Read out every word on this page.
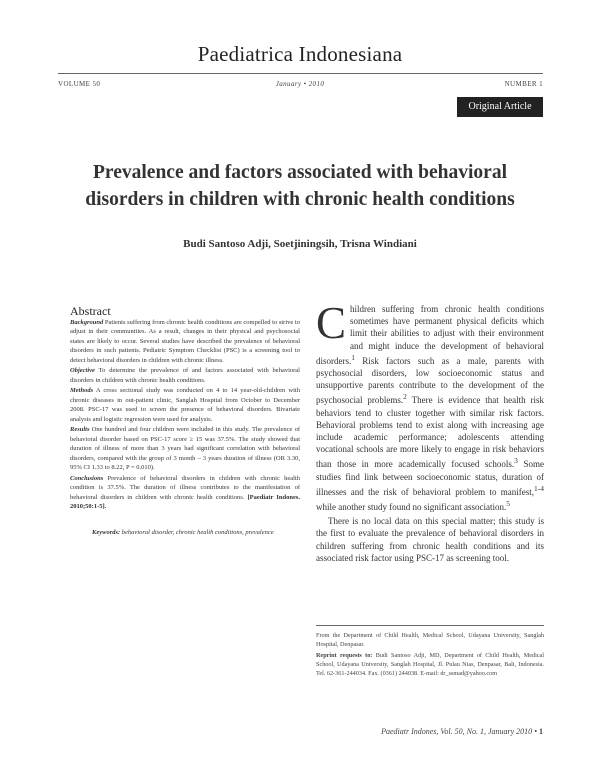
Paediatrica Indonesiana
VOLUME 50	January • 2010	NUMBER 1
Original Article
Prevalence and factors associated with behavioral disorders in children with chronic health conditions
Budi Santoso Adji, Soetjiningsih, Trisna Windiani
Abstract

Background Patients suffering from chronic health conditions are compelled to strive to adjust in their communities. As a result, changes in their physical and psychosocial states are likely to occur. Several studies have described the prevalence of behavioral disorders in such patients. Pediatric Symptom Checklist (PSC) is a screening tool to detect behavioral disorders in children with chronic illness.

Objective To determine the prevalence of and factors associated with behavioral disorders in children with chronic health conditions.

Methods A cross sectional study was conducted on 4 to 14 year-old-children with chronic diseases in out-patient clinic, Sanglah Hospital from October to December 2008. PSC-17 was used to screen the presence of behavioral disorders. Bivariate analysis and logistic regression were used for analysis.

Results One hundred and four children were included in this study. The prevalence of behavioral disorder based on PSC-17 score ≥ 15 was 37.5%. The study showed that duration of illness of more than 3 years had significant correlation with behavioral disorders, compared with the group of 3 month – 3 years duration of illness (OR 3.30, 95% CI 1.33 to 8.22, P = 0.010).

Conclusions Prevalence of behavioral disorders in children with chronic health condition is 37.5%. The duration of illness contributes to the manifestation of behavioral disorders in children with chronic health conditions. [Paediatr Indones. 2010;50:1-5].

Keywords: behavioral disorder, chronic health conditions, prevalence

Children suffering from chronic health conditions sometimes have permanent physical deficits which limit their abilities to adjust with their environment and might induce the development of behavioral disorders.$^1$ Risk factors such as a male, parents with psychosocial disorders, low socioeconomic status and unsupportive parents contribute to the development of the psychosocial problems.$^2$ There is evidence that health risk behaviors tend to cluster together with similar risk factors. Behavioral problems tend to exist along with increasing age include academic performance; adolescents attending vocational schools are more likely to engage in risk behaviors than those in more academically focused schools.$^3$ Some studies find link between socioeconomic status, duration of illnesses and the risk of behavioral problem to manifest,$^{1-4}$ while another study found no significant association.$^5$

There is no local data on this special matter; this study is the first to evaluate the prevalence of behavioral disorders in children suffering from chronic health conditions and its associated risk factor using PSC-17 as screening tool.

From the Department of Child Health, Medical School, Udayana University, Sanglah Hospital, Denpasar.

Reprint requests to: Budi Santoso Adji, MD, Department of Child Health, Medical School, Udayana University, Sanglah Hospital, Jl. Pulau Nias, Denpasar, Bali, Indonesia. Tel. 62-361-244034. Fax. (0361) 244038. E-mail: dr_ssmad@yahoo.com

Paediatr Indones, Vol. 50, No. 1, January 2010 • 1
